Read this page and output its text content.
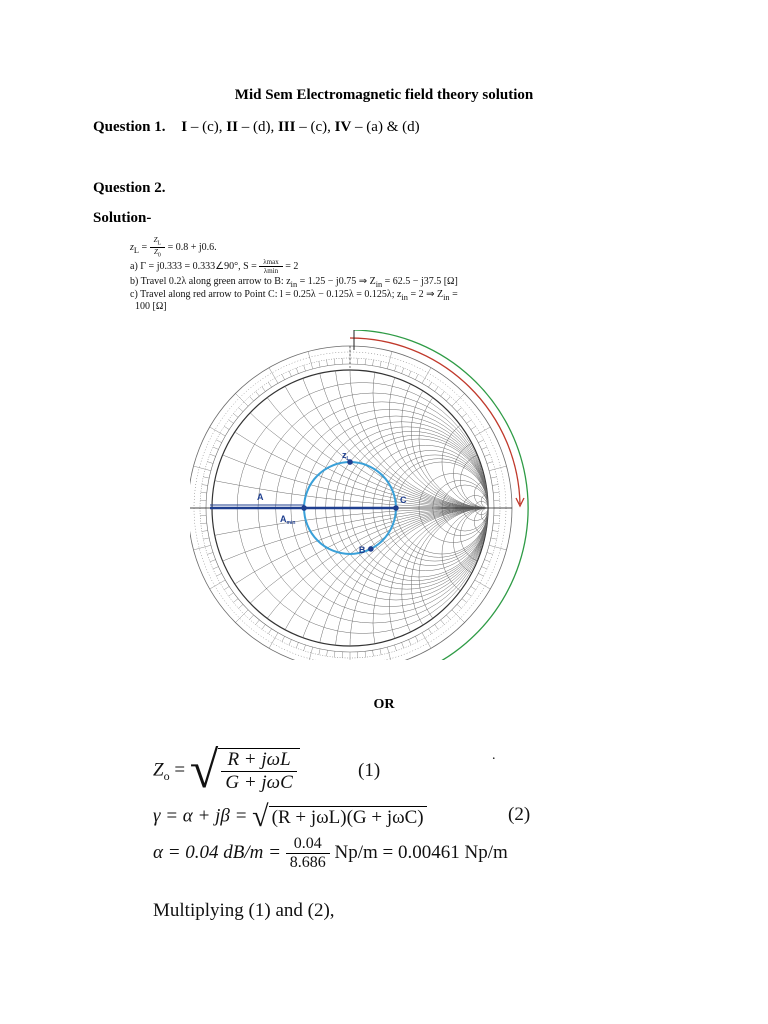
Mid Sem Electromagnetic field theory solution
Question 1. I – (c), II – (d), III – (c), IV – (a) & (d)
Question 2.
Solution-
$z_L = \frac{Z_L}{Z_0} = 0.8 + j0.6$.
a) Γ = j0.333 = 0.333∠90°, $S = \frac{\lambda\max}{\lambda\min} = 2$
b) Travel 0.2λ along green arrow to B: $z_{in} = 1.25 - j0.75$ ⇒ $Z_{in} = 62.5 - j37.5$ [Ω]
c) Travel along red arrow to Point C: l = 0.25λ − 0.125λ = 0.125λ; $z_{in} = 2$ ⇒ $Z_{in}$ =
100 [Ω]
$z_L$
A
$A_{min}$
C
B
OR
$Z_o$ = √ $\frac{\text{R + jωL}}{\text{G + jωC}}$	(1)
.
γ = α + jβ = √ (R + jωL)(G + jωC)	(2)
α = 0.04 $dB/m = \frac{0.04}{8.686} Np/m = 0.00461$ Np/m
Multiplying (1) and (2),
